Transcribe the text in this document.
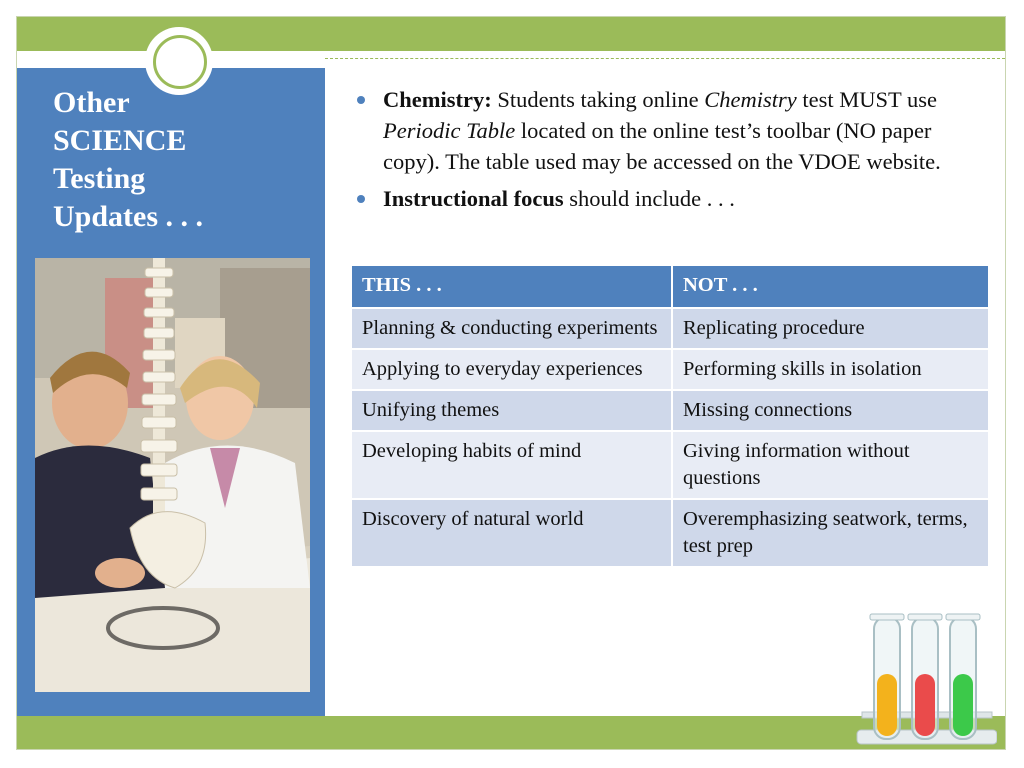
Other
SCIENCE
Testing
Updates . . .
Chemistry: Students taking online Chemistry test MUST use Periodic Table located on the online test’s toolbar (NO paper copy). The table used may be accessed on the VDOE website.
Instructional focus should include . . .
THIS . . .	NOT . . .
Planning & conducting experiments	Replicating procedure
Applying to everyday experiences	Performing skills in isolation
Unifying themes	Missing connections
Developing habits of mind	Giving information without questions
Discovery of natural world	Overemphasizing seatwork, terms, test prep
